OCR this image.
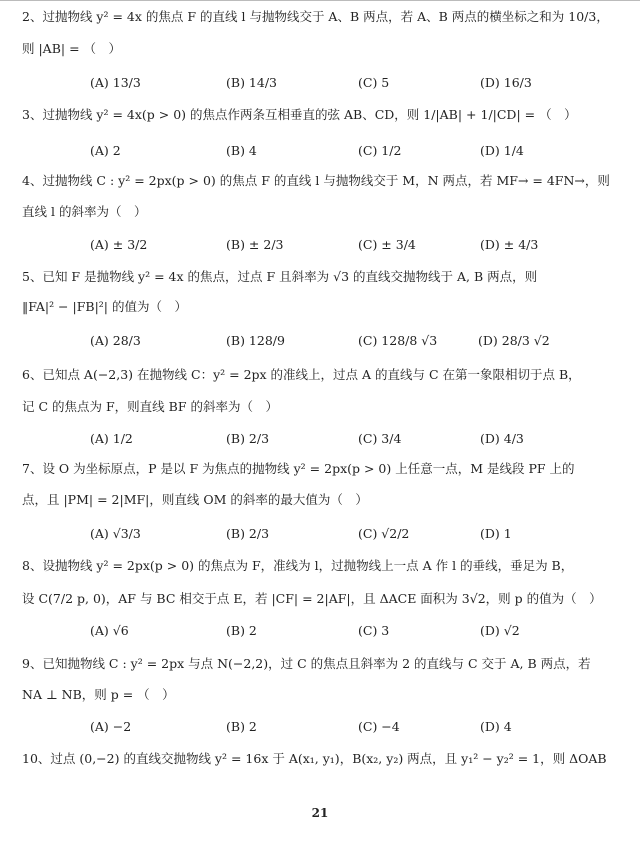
2、过抛物线 y² = 4x 的焦点 F 的直线 l 与抛物线交于 A、B 两点，若 A、B 两点的横坐标之和为 10/3，
则 |AB| = （　）
(A) 13/3	(B) 14/3	(C) 5	(D) 16/3
3、过抛物线 y² = 4x(p > 0) 的焦点作两条互相垂直的弦 AB、CD，则 1/|AB| + 1/|CD| = （　）
(A) 2	(B) 4	(C) 1/2	(D) 1/4
4、过抛物线 C : y² = 2px(p > 0) 的焦点 F 的直线 l 与抛物线交于 M，N 两点，若 MF→ = 4FN→，则
直线 l 的斜率为（　）
(A) ± 3/2	(B) ± 2/3	(C) ± 3/4	(D) ± 4/3
5、已知 F 是抛物线 y² = 4x 的焦点，过点 F 且斜率为 √3 的直线交抛物线于 A, B 两点，则
‖FA|² − |FB|²| 的值为（　）
(A) 28/3	(B) 128/9	(C) 128/8 √3	(D) 28/3 √2
6、已知点 A(−2,3) 在抛物线 C：y² = 2px 的准线上，过点 A 的直线与 C 在第一象限相切于点 B，
记 C 的焦点为 F，则直线 BF 的斜率为（　）
(A) 1/2	(B) 2/3	(C) 3/4	(D) 4/3
7、设 O 为坐标原点，P 是以 F 为焦点的抛物线 y² = 2px(p > 0) 上任意一点，M 是线段 PF 上的
点，且 |PM| = 2|MF|，则直线 OM 的斜率的最大值为（　）
(A) √3/3	(B) 2/3	(C) √2/2	(D) 1
8、设抛物线 y² = 2px(p > 0) 的焦点为 F，准线为 l，过抛物线上一点 A 作 l 的垂线，垂足为 B，
设 C(7/2 p, 0)，AF 与 BC 相交于点 E，若 |CF| = 2|AF|，且 ΔACE 面积为 3√2，则 p 的值为（　）
(A) √6	(B) 2	(C) 3	(D) √2
9、已知抛物线 C : y² = 2px 与点 N(−2,2)，过 C 的焦点且斜率为 2 的直线与 C 交于 A, B 两点，若
NA ⊥ NB，则 p = （　）
(A) −2	(B) 2	(C) −4	(D) 4
10、过点 (0,−2) 的直线交抛物线 y² = 16x 于 A(x₁, y₁)，B(x₂, y₂) 两点，且 y₁² − y₂² = 1，则 ΔOAB
21
